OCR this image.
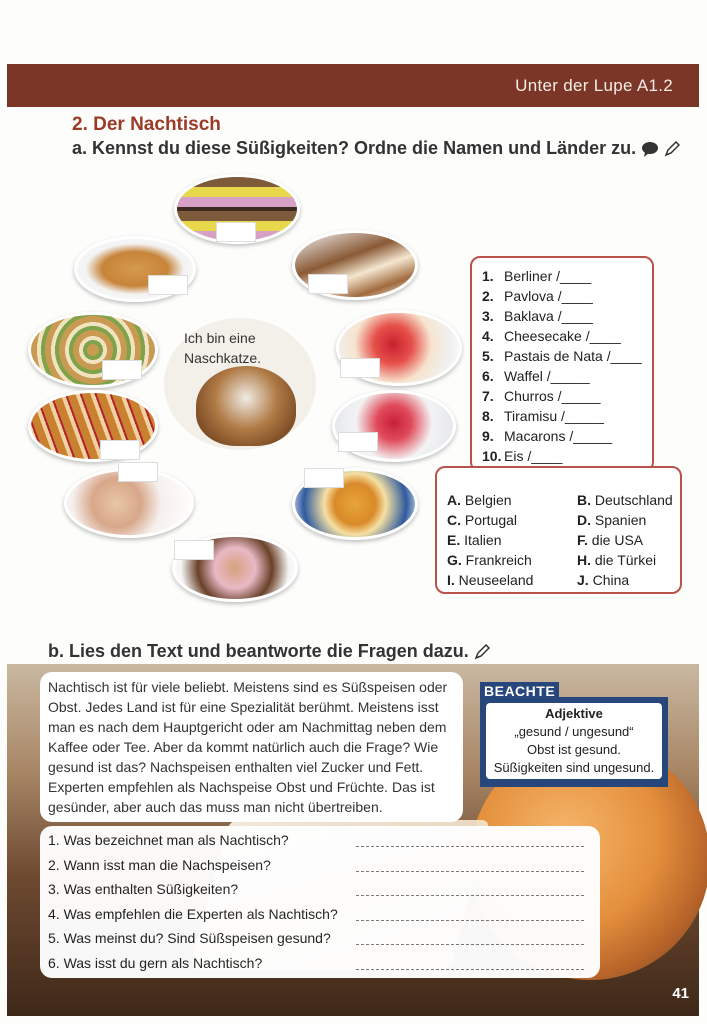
Unter der Lupe A1.2
2. Der Nachtisch
a. Kennst du diese Süßigkeiten? Ordne die Namen und Länder zu.
Ich bin eine
Naschkatze.
1. Berliner /____
2. Pavlova /____
3. Baklava /____
4. Cheesecake /____
5. Pastais de Nata /____
6. Waffel /_____
7. Churros /_____
8. Tiramisu /_____
9. Macarons /_____
10. Eis /____
A. Belgien	B. Deutschland
C. Portugal	D. Spanien
E. Italien	F. die USA
G. Frankreich	H. die Türkei
I. Neuseeland	J. China
b. Lies den Text und beantworte die Fragen dazu.

Nachtisch ist für viele beliebt. Meistens sind es Süßspeisen oder Obst. Jedes Land ist für eine Spezialität berühmt. Meistens isst man es nach dem Hauptgericht oder am Nachmittag neben dem Kaffee oder Tee. Aber da kommt natürlich auch die Frage? Wie gesund ist das? Nachspeisen enthalten viel Zucker und Fett. Experten empfehlen als Nachspeise Obst und Früchte. Das ist gesünder, aber auch das muss man nicht übertreiben.

Adjektive
„gesund / ungesund“
Obst ist gesund.
Süßigkeiten sind ungesund.
BEACHTE
1. Was bezeichnet man als Nachtisch?
2. Wann isst man die Nachspeisen?
3. Was enthalten Süßigkeiten?
4. Was empfehlen die Experten als Nachtisch?
5. Was meinst du? Sind Süßspeisen gesund?
6. Was isst du gern als Nachtisch?
41
